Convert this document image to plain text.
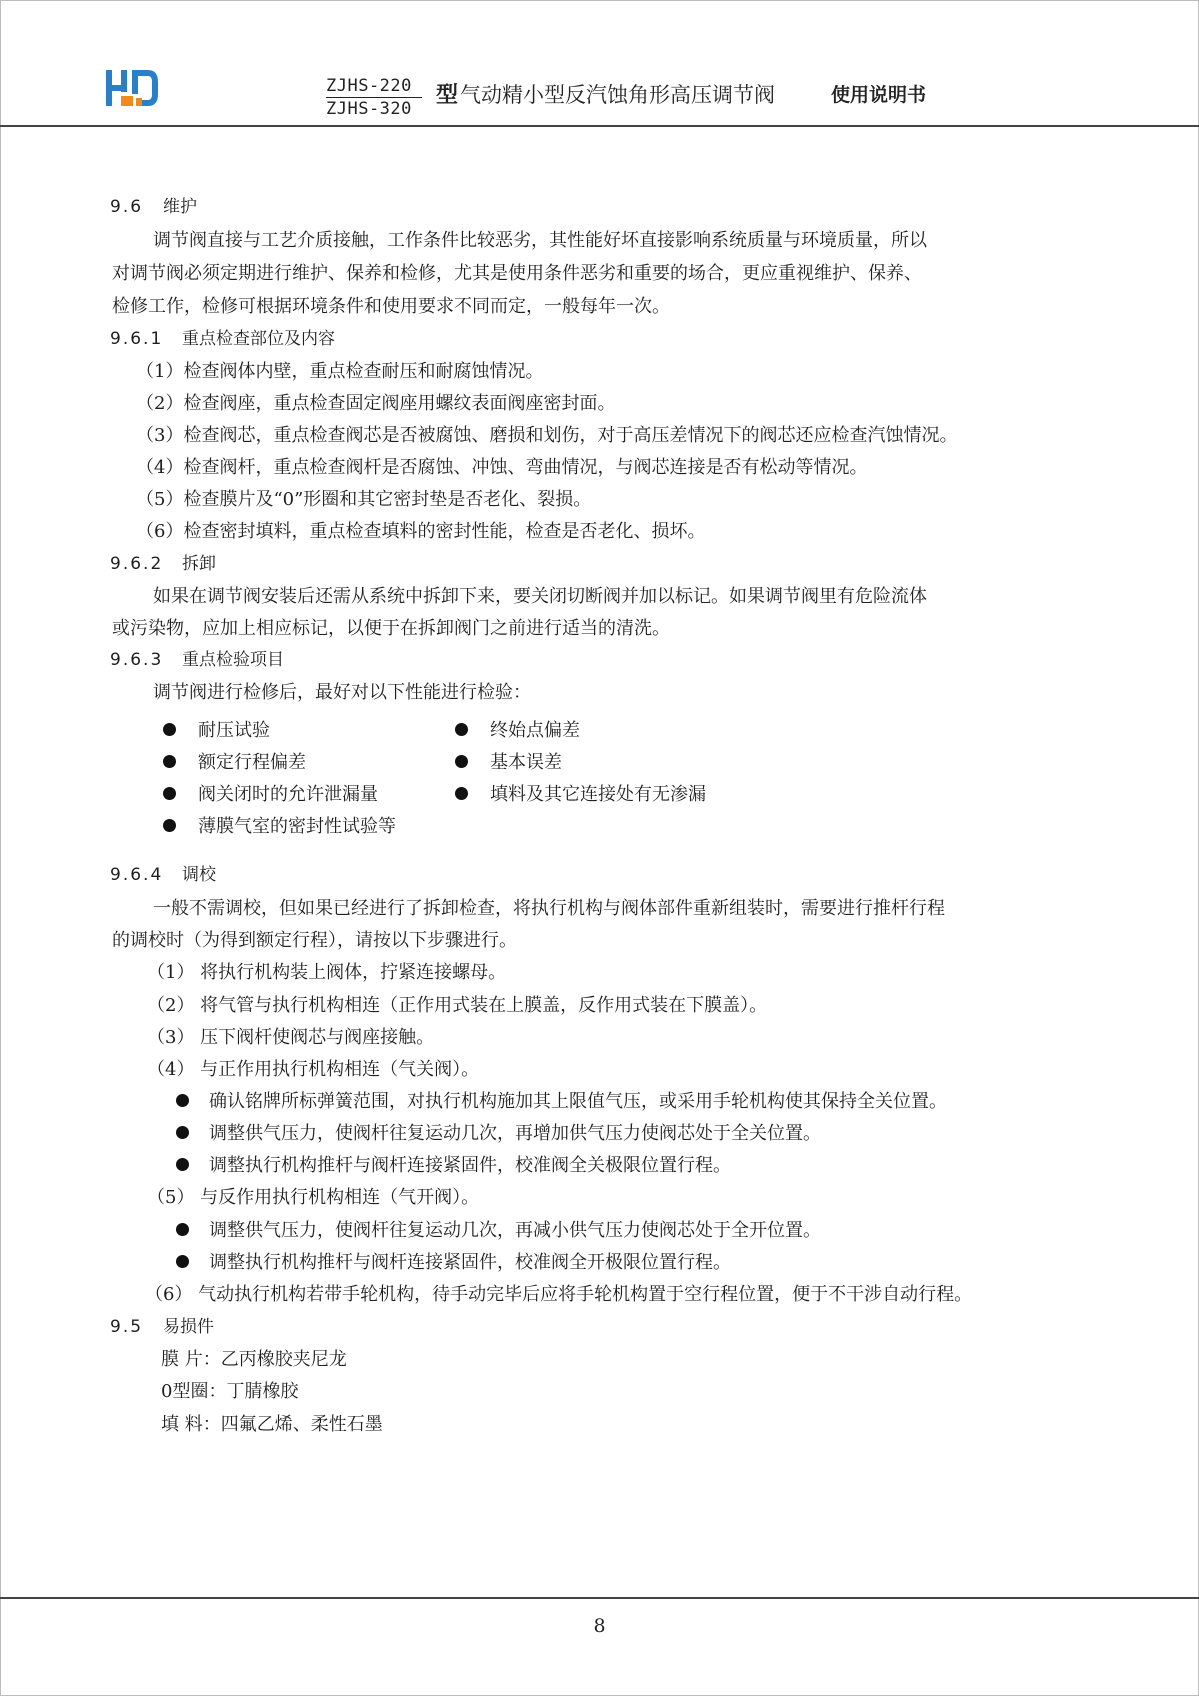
ZJHS-220
ZJHS-320
型气动精小型反汽蚀角形高压调节阀	使用说明书
9.6 维护
调节阀直接与工艺介质接触，工作条件比较恶劣，其性能好坏直接影响系统质量与环境质量，所以
对调节阀必须定期进行维护、保养和检修，尤其是使用条件恶劣和重要的场合，更应重视维护、保养、
检修工作，检修可根据环境条件和使用要求不同而定，一般每年一次。
9.6.1 重点检查部位及内容
（1）检查阀体内壁，重点检查耐压和耐腐蚀情况。
（2）检查阀座，重点检查固定阀座用螺纹表面阀座密封面。
（3）检查阀芯，重点检查阀芯是否被腐蚀、磨损和划伤，对于高压差情况下的阀芯还应检查汽蚀情况。
（4）检查阀杆，重点检查阀杆是否腐蚀、冲蚀、弯曲情况，与阀芯连接是否有松动等情况。
（5）检查膜片及“0”形圈和其它密封垫是否老化、裂损。
（6）检查密封填料，重点检查填料的密封性能，检查是否老化、损坏。
9.6.2 拆卸
如果在调节阀安装后还需从系统中拆卸下来，要关闭切断阀并加以标记。如果调节阀里有危险流体
或污染物，应加上相应标记，以便于在拆卸阀门之前进行适当的清洗。
9.6.3 重点检验项目
调节阀进行检修后，最好对以下性能进行检验：
耐压试验
额定行程偏差
阀关闭时的允许泄漏量
薄膜气室的密封性试验等
终始点偏差
基本误差
填料及其它连接处有无渗漏
9.6.4 调校
一般不需调校，但如果已经进行了拆卸检查，将执行机构与阀体部件重新组装时，需要进行推杆行程
的调校时（为得到额定行程），请按以下步骤进行。
（1） 将执行机构装上阀体，拧紧连接螺母。
（2） 将气管与执行机构相连（正作用式装在上膜盖，反作用式装在下膜盖）。
（3） 压下阀杆使阀芯与阀座接触。
（4） 与正作用执行机构相连（气关阀）。
确认铭牌所标弹簧范围，对执行机构施加其上限值气压，或采用手轮机构使其保持全关位置。
调整供气压力，使阀杆往复运动几次，再增加供气压力使阀芯处于全关位置。
调整执行机构推杆与阀杆连接紧固件，校准阀全关极限位置行程。
（5） 与反作用执行机构相连（气开阀）。
调整供气压力，使阀杆往复运动几次，再减小供气压力使阀芯处于全开位置。
调整执行机构推杆与阀杆连接紧固件，校准阀全开极限位置行程。
（6） 气动执行机构若带手轮机构，待手动完毕后应将手轮机构置于空行程位置，便于不干涉自动行程。
9.5 易损件
膜 片：乙丙橡胶夹尼龙
0型圈：丁腈橡胶
填 料：四氟乙烯、柔性石墨
8
